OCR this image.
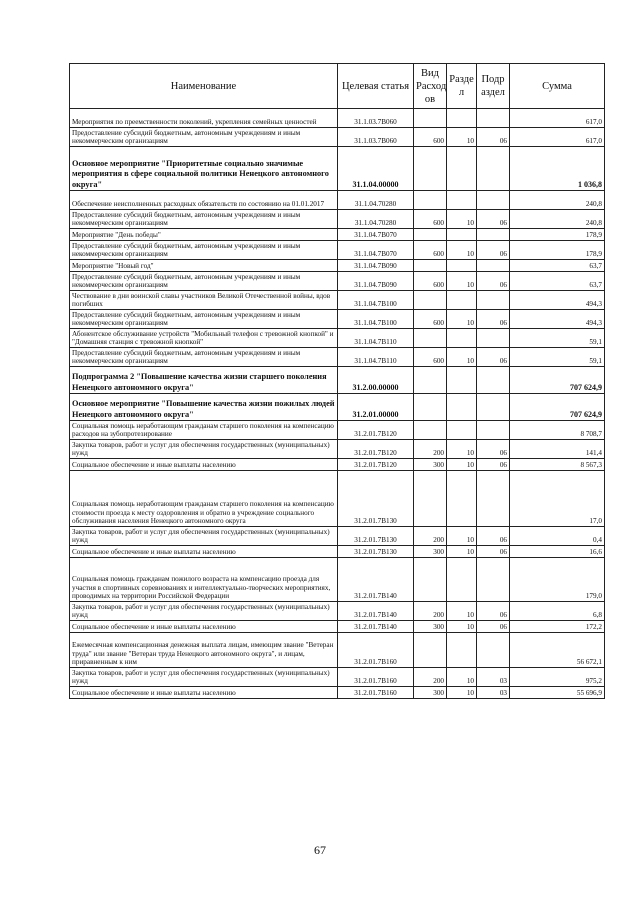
Наименование	Целевая статья	Вид Расход ов	Разде л	Подр аздел	Сумма
Мероприятия по преемственности поколений, укрепления семейных ценностей	31.1.03.7В060				617,0
Предоставление субсидий бюджетным, автономным учреждениям и иным некоммерческим организациям	31.1.03.7В060	600	10	06	617,0
Основное мероприятие "Приоритетные социально значимые мероприятия в сфере социальной политики Ненецкого автономного округа"	31.1.04.00000				1 036,8
Обеспечение неисполненных расходных обязательств по состоянию на 01.01.2017	31.1.04.70280				240,8
Предоставление субсидий бюджетным, автономным учреждениям и иным некоммерческим организациям	31.1.04.70280	600	10	06	240,8
Мероприятие "День победы"	31.1.04.7В070				178,9
Предоставление субсидий бюджетным, автономным учреждениям и иным некоммерческим организациям	31.1.04.7В070	600	10	06	178,9
Мероприятие "Новый год"	31.1.04.7В090				63,7
Предоставление субсидий бюджетным, автономным учреждениям и иным некоммерческим организациям	31.1.04.7В090	600	10	06	63,7
Чествование в дни воинской славы участников Великой Отечественной войны, вдов погибших	31.1.04.7В100				494,3
Предоставление субсидий бюджетным, автономным учреждениям и иным некоммерческим организациям	31.1.04.7В100	600	10	06	494,3
Абонентское обслуживание устройств "Мобильный телефон с тревожной кнопкой" и "Домашняя станция с тревожной кнопкой"	31.1.04.7В110				59,1
Предоставление субсидий бюджетным, автономным учреждениям и иным некоммерческим организациям	31.1.04.7В110	600	10	06	59,1
Подпрограмма 2 "Повышение качества жизни старшего поколения Ненецкого автономного округа"	31.2.00.00000				707 624,9
Основное мероприятие "Повышение качества жизни пожилых людей Ненецкого автономного округа"	31.2.01.00000				707 624,9
Социальная помощь неработающим гражданам старшего поколения на компенсацию расходов на зубопротезирование	31.2.01.7В120				8 708,7
Закупка товаров, работ и услуг для обеспечения государственных (муниципальных) нужд	31.2.01.7В120	200	10	06	141,4
Социальное обеспечение и иные выплаты населению	31.2.01.7В120	300	10	06	8 567,3
Социальная помощь неработающим гражданам старшего поколения на компенсацию стоимости проезда к месту оздоровления и обратно в учреждение социального обслуживания населения Ненецкого автономного округа	31.2.01.7В130				17,0
Закупка товаров, работ и услуг для обеспечения государственных (муниципальных) нужд	31.2.01.7В130	200	10	06	0,4
Социальное обеспечение и иные выплаты населению	31.2.01.7В130	300	10	06	16,6
Социальная помощь гражданам пожилого возраста на компенсацию проезда для участия в спортивных соревнованиях и интеллектуально-творческих мероприятиях, проводимых на территории Российской Федерации	31.2.01.7В140				179,0
Закупка товаров, работ и услуг для обеспечения государственных (муниципальных) нужд	31.2.01.7В140	200	10	06	6,8
Социальное обеспечение и иные выплаты населению	31.2.01.7В140	300	10	06	172,2
Ежемесячная компенсационная денежная выплата лицам, имеющим звание "Ветеран труда" или звание "Ветеран труда Ненецкого автономного округа", и лицам, приравненным к ним	31.2.01.7В160				56 672,1
Закупка товаров, работ и услуг для обеспечения государственных (муниципальных) нужд	31.2.01.7В160	200	10	03	975,2
Социальное обеспечение и иные выплаты населению	31.2.01.7В160	300	10	03	55 696,9
67
